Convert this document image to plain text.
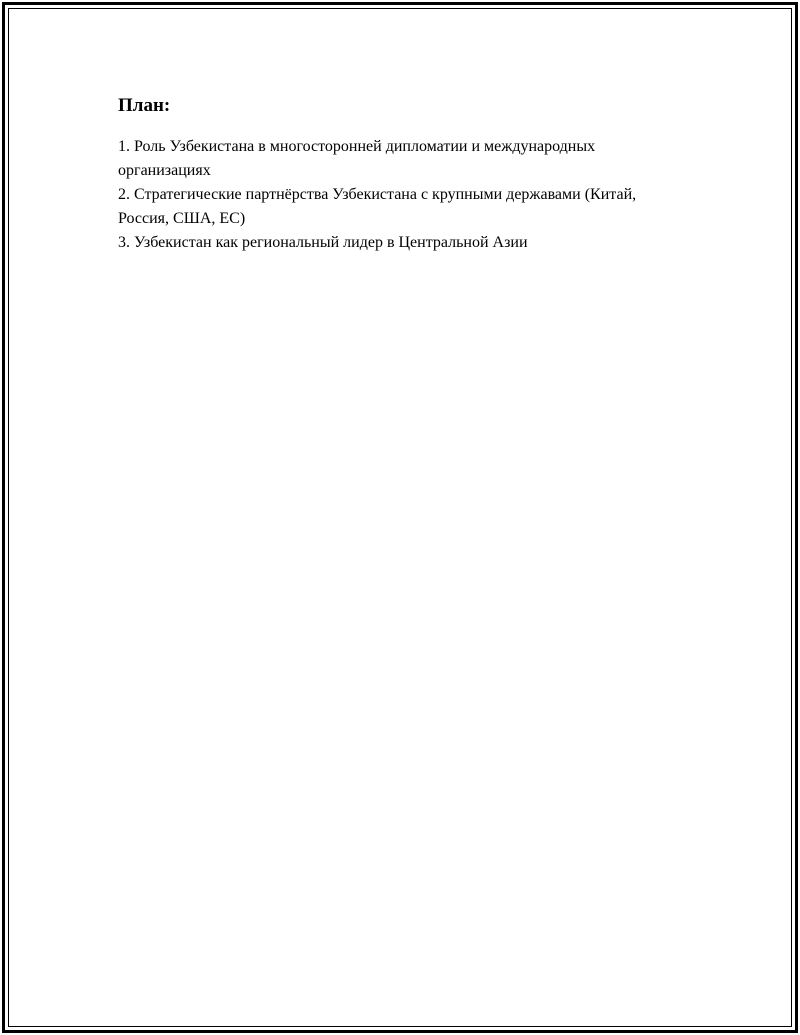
План:
1. Роль Узбекистана в многосторонней дипломатии и международных организациях
2. Стратегические партнёрства Узбекистана с крупными державами (Китай, Россия, США, ЕС)
3. Узбекистан как региональный лидер в Центральной Азии
